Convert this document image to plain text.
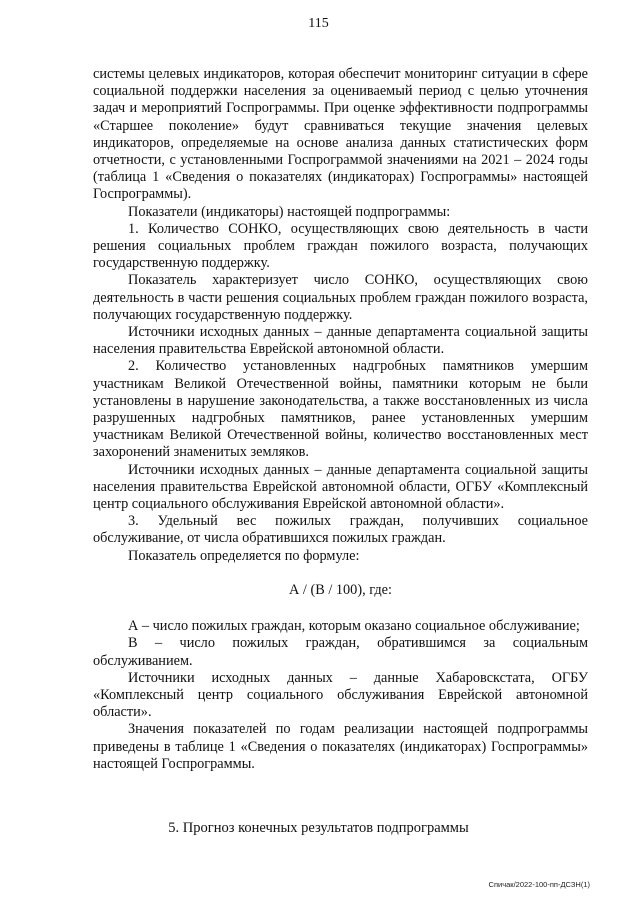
115

системы целевых индикаторов, которая обеспечит мониторинг ситуации в сфере социальной поддержки населения за оцениваемый период с целью уточнения задач и мероприятий Госпрограммы. При оценке эффективности подпрограммы «Старшее поколение» будут сравниваться текущие значения целевых индикаторов, определяемые на основе анализа данных статистических форм отчетности, с установленными Госпрограммой значениями на 2021 – 2024 годы (таблица 1 «Сведения о показателях (индикаторах) Госпрограммы» настоящей Госпрограммы).

Показатели (индикаторы) настоящей подпрограммы:

1. Количество СОНКО, осуществляющих свою деятельность в части решения социальных проблем граждан пожилого возраста, получающих государственную поддержку.

Показатель характеризует число СОНКО, осуществляющих свою деятельность в части решения социальных проблем граждан пожилого возраста, получающих государственную поддержку.

Источники исходных данных – данные департамента социальной защиты населения правительства Еврейской автономной области.

2. Количество установленных надгробных памятников умершим участникам Великой Отечественной войны, памятники которым не были установлены в нарушение законодательства, а также восстановленных из числа разрушенных надгробных памятников, ранее установленных умершим участникам Великой Отечественной войны, количество восстановленных мест захоронений знаменитых земляков.

Источники исходных данных – данные департамента социальной защиты населения правительства Еврейской автономной области, ОГБУ «Комплексный центр социального обслуживания Еврейской автономной области».

3. Удельный вес пожилых граждан, получивших социальное обслуживание, от числа обратившихся пожилых граждан.

Показатель определяется по формуле:

А / (В / 100), где:

А – число пожилых граждан, которым оказано социальное обслуживание;

В – число пожилых граждан, обратившимся за социальным обслуживанием.

Источники исходных данных – данные Хабаровскстата, ОГБУ «Комплексный центр социального обслуживания Еврейской автономной области».

Значения показателей по годам реализации настоящей подпрограммы приведены в таблице 1 «Сведения о показателях (индикаторах) Госпрограммы» настоящей Госпрограммы.

5. Прогноз конечных результатов подпрограммы
Спичак/2022-100-пп-ДСЗН(1)
